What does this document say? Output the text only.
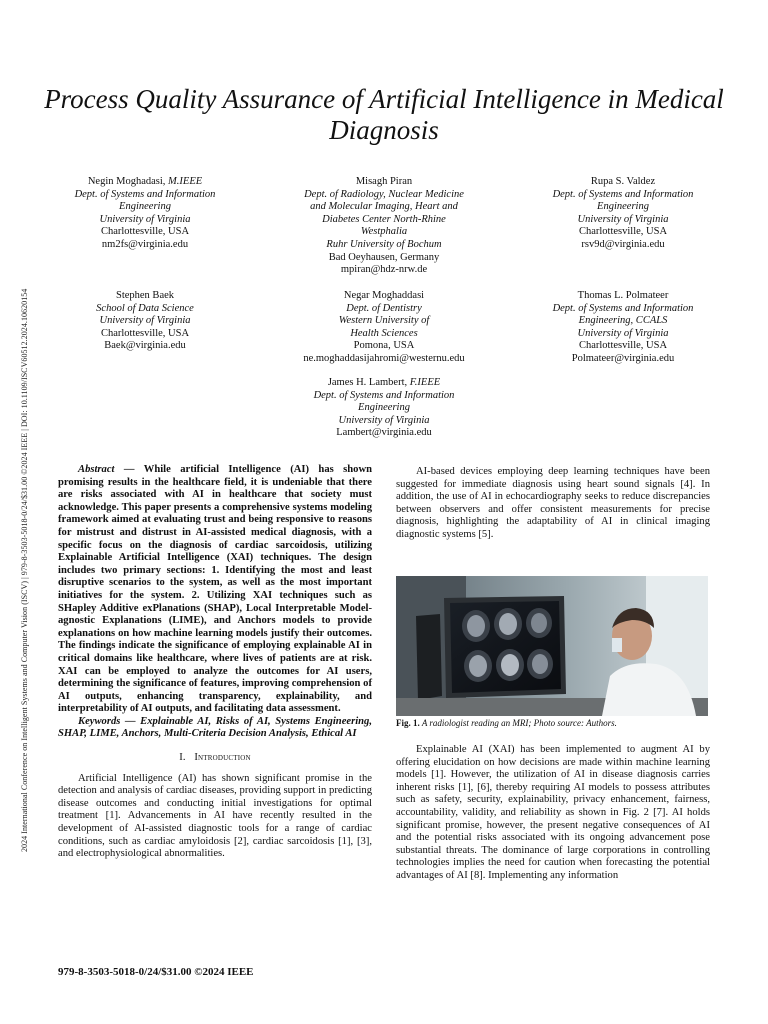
2024 International Conference on Intelligent Systems and Computer Vision (ISCV) | 979-8-3503-5018-0/24/$31.00 ©2024 IEEE | DOI: 10.1109/ISCV60512.2024.10620154
Process Quality Assurance of Artificial Intelligence in Medical Diagnosis
Negin Moghadasi, M.IEEE
Dept. of Systems and Information
Engineering
University of Virginia
Charlottesville, USA
nm2fs@virginia.edu
Misagh Piran
Dept. of Radiology, Nuclear Medicine
and Molecular Imaging, Heart and
Diabetes Center North-Rhine
Westphalia
Ruhr University of Bochum
Bad Oeyhausen, Germany
mpiran@hdz-nrw.de
Rupa S. Valdez
Dept. of Systems and Information
Engineering
University of Virginia
Charlottesville, USA
rsv9d@virginia.edu
Stephen Baek
School of Data Science
University of Virginia
Charlottesville, USA
Baek@virginia.edu
Negar Moghaddasi
Dept. of Dentistry
Western University of
Health Sciences
Pomona, USA
ne.moghaddasijahromi@westernu.edu
Thomas L. Polmateer
Dept. of Systems and Information
Engineering, CCALS
University of Virginia
Charlottesville, USA
Polmateer@virginia.edu
James H. Lambert, F.IEEE
Dept. of Systems and Information
Engineering
University of Virginia
Lambert@virginia.edu

Abstract — While artificial Intelligence (AI) has shown promising results in the healthcare field, it is undeniable that there are risks associated with AI in healthcare that society must acknowledge. This paper presents a comprehensive systems modeling framework aimed at evaluating trust and being responsive to reasons for mistrust and distrust in AI-assisted medical diagnosis, with a specific focus on the diagnosis of cardiac sarcoidosis, utilizing Explainable Artificial Intelligence (XAI) techniques. The design includes two primary sections: 1. Identifying the most and least disruptive scenarios to the system, as well as the most important initiatives for the system. 2. Utilizing XAI techniques such as SHapley Additive exPlanations (SHAP), Local Interpretable Model-agnostic Explanations (LIME), and Anchors models to provide explanations on how machine learning models justify their outcomes. The findings indicate the significance of employing explainable AI in critical domains like healthcare, where lives of patients are at risk. XAI can be employed to analyze the outcomes for AI users, determining the significance of features, improving comprehension of AI outputs, enhancing transparency, explainability, and interpretability of AI outputs, and facilitating data assessment.

Keywords — Explainable AI, Risks of AI, Systems Engineering, SHAP, LIME, Anchors, Multi-Criteria Decision Analysis, Ethical AI

I. Introduction

Artificial Intelligence (AI) has shown significant promise in the detection and analysis of cardiac diseases, providing support in predicting disease outcomes and conducting initial investigations for optimal treatment [1]. Advancements in AI have recently resulted in the development of AI-assisted diagnostic tools for a range of cardiac conditions, such as cardiac amyloidosis [2], cardiac sarcoidosis [1], [3], and electrophysiological abnormalities.

AI-based devices employing deep learning techniques have been suggested for immediate diagnosis using heart sound signals [4]. In addition, the use of AI in echocardiography seeks to reduce discrepancies between observers and offer consistent measurements for precise diagnosis, highlighting the adaptability of AI in clinical imaging diagnostic systems [5].

Fig. 1. A radiologist reading an MRI; Photo source: Authors.

Explainable AI (XAI) has been implemented to augment AI by offering elucidation on how decisions are made within machine learning models [1]. However, the utilization of AI in disease diagnosis carries inherent risks [1], [6], thereby requiring AI models to possess attributes such as safety, security, explainability, privacy enhancement, fairness, accountability, validity, and reliability as shown in Fig. 2 [7]. AI holds significant promise, however, the present negative consequences of AI and the potential risks associated with its ongoing advancement pose substantial threats. The dominance of large corporations in controlling technologies implies the need for caution when forecasting the potential advantages of AI [8]. Implementing any information

979-8-3503-5018-0/24/$31.00 ©2024 IEEE
